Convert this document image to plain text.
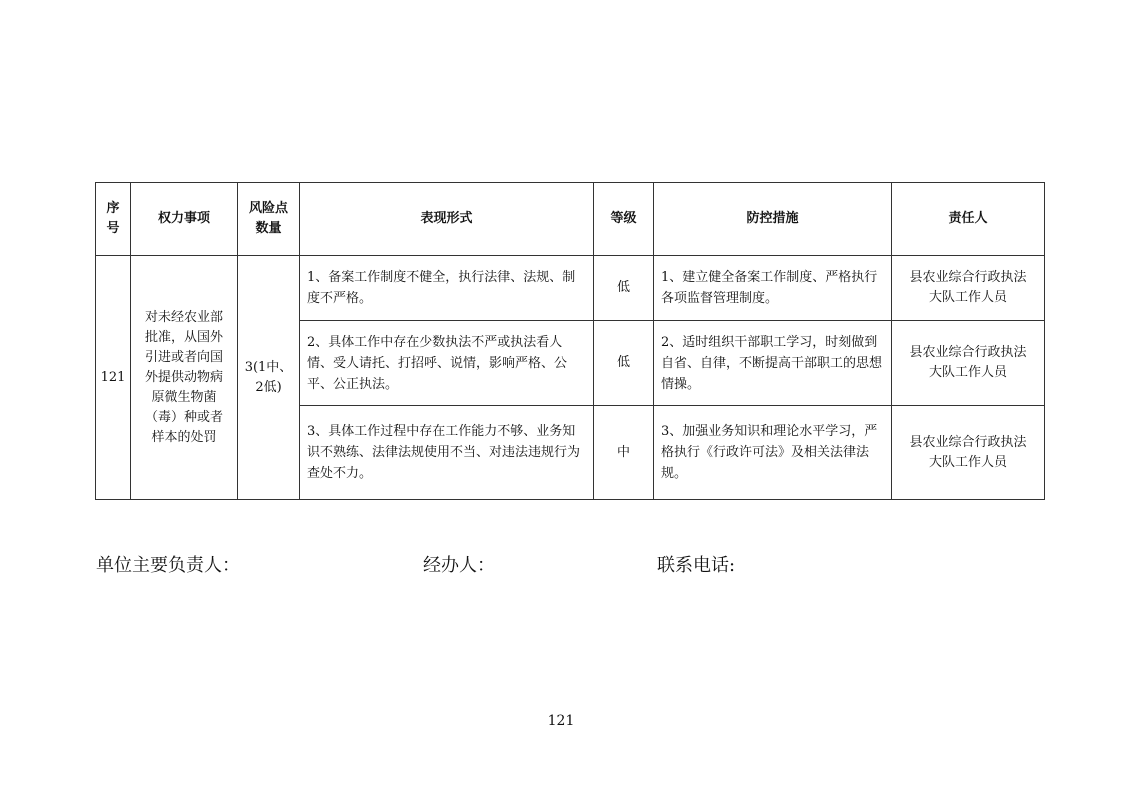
序号	权力事项	风险点数量	表现形式	等级	防控措施	责任人
121	对未经农业部批准，从国外引进或者向国外提供动物病原微生物菌（毒）种或者样本的处罚	3(1中、2低)	1、备案工作制度不健全，执行法律、法规、制度不严格。	低	1、建立健全备案工作制度、严格执行各项监督管理制度。	县农业综合行政执法大队工作人员
			2、具体工作中存在少数执法不严或执法看人情、受人请托、打招呼、说情，影响严格、公平、公正执法。	低	2、适时组织干部职工学习，时刻做到自省、自律，不断提高干部职工的思想情操。	县农业综合行政执法大队工作人员
			3、具体工作过程中存在工作能力不够、业务知识不熟练、法律法规使用不当、对违法违规行为查处不力。	中	3、加强业务知识和理论水平学习，严格执行《行政许可法》及相关法律法规。	县农业综合行政执法大队工作人员
单位主要负责人：	经办人：	联系电话:
121
